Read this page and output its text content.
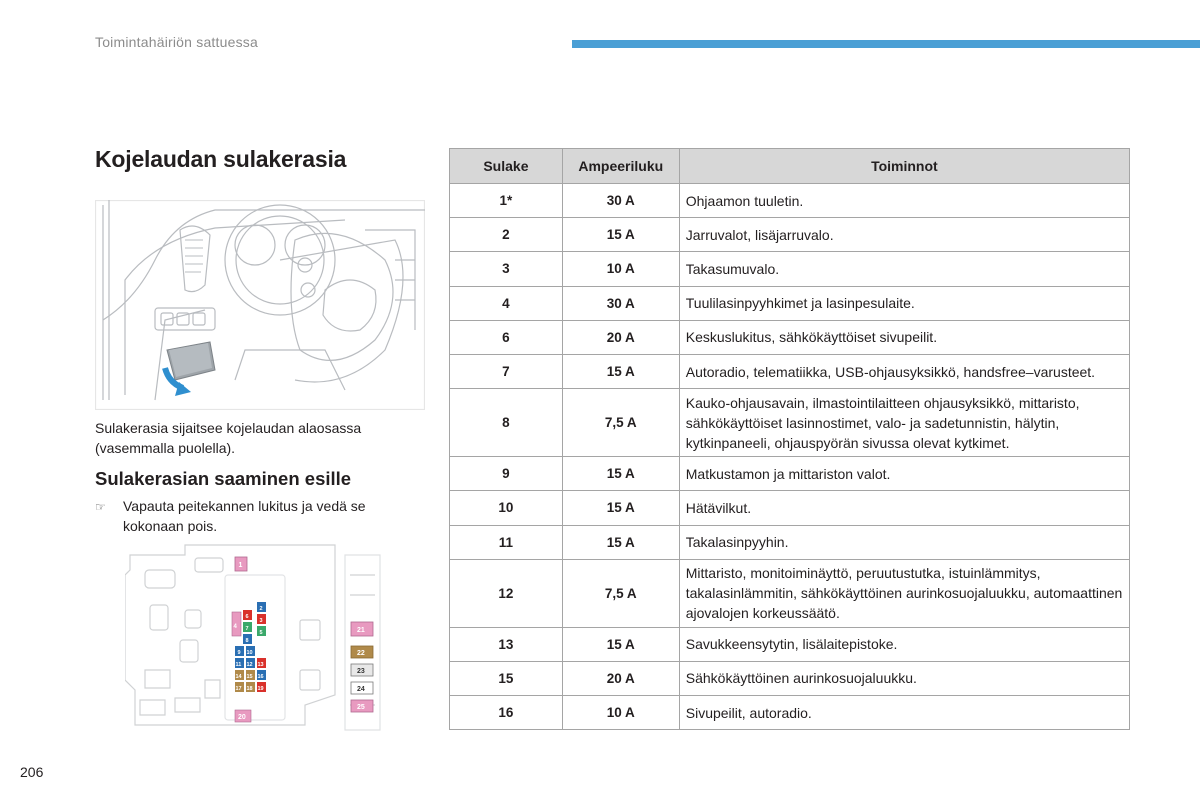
Toimintahäiriön sattuessa
Kojelaudan sulakerasia
Sulakerasia sijaitsee kojelaudan alaosassa (vasemmalla puolella).
Sulakerasian saaminen esille
☞	Vapauta peitekannen lukitus ja vedä se kokonaan pois.
1
4
6
7
8
9
11
14
17
10
12
15
18
2
3
5
13
16
19
20
21
22
23
24
25
Sulake	Ampeeriluku	Toiminnot
1*	30 A	Ohjaamon tuuletin.
2	15 A	Jarruvalot, lisäjarruvalo.
3	10 A	Takasumuvalo.
4	30 A	Tuulilasinpyyhkimet ja lasinpesulaite.
6	20 A	Keskuslukitus, sähkökäyttöiset sivupeilit.
7	15 A	Autoradio, telematiikka, USB-ohjausyksikkö, handsfree–varusteet.
8	7,5 A	Kauko-ohjausavain, ilmastointilaitteen ohjausyksikkö, mittaristo, sähkökäyttöiset lasinnostimet, valo- ja sadetunnistin, hälytin, kytkinpaneeli, ohjauspyörän sivussa olevat kytkimet.
9	15 A	Matkustamon ja mittariston valot.
10	15 A	Hätävilkut.
11	15 A	Takalasinpyyhin.
12	7,5 A	Mittaristo, monitoiminäyttö, peruutustutka, istuinlämmitys, takalasinlämmitin, sähkökäyttöinen aurinkosuojaluukku, automaattinen ajovalojen korkeussäätö.
13	15 A	Savukkeensytytin, lisälaitepistoke.
15	20 A	Sähkökäyttöinen aurinkosuojaluukku.
16	10 A	Sivupeilit, autoradio.
206
